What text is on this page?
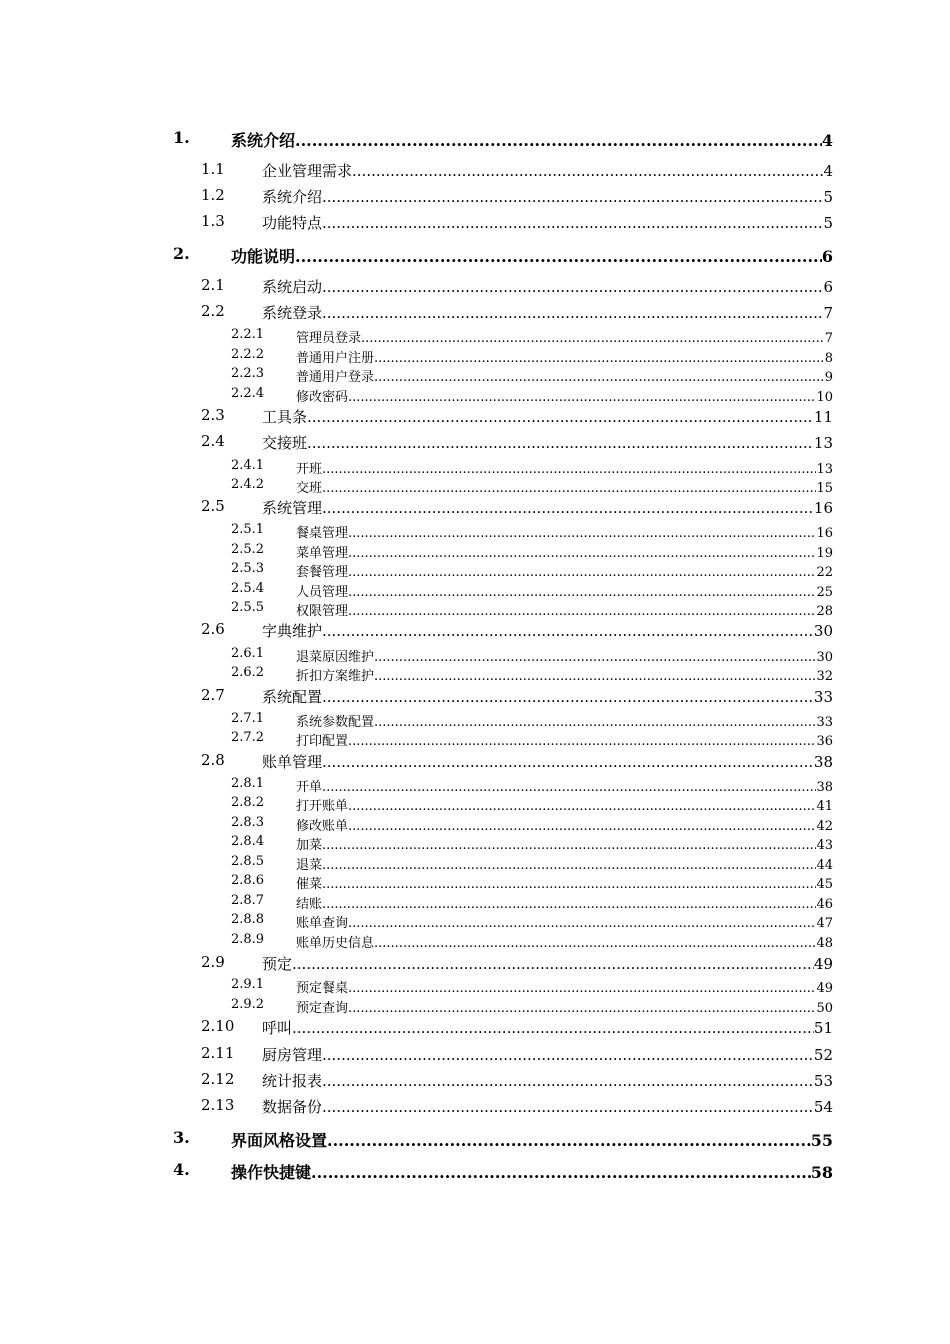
1.	系统介绍 .....	4
1.1 企业管理需求 .....	4
1.2 系统介绍 .....	5
1.3 功能特点 .....	5
2.	功能说明 .....	6
2.1 系统启动 .....	6
2.2 系统登录 .....	7
2.2.1 管理员登录 .....	7
2.2.2 普通用户注册 .....	8
2.2.3 普通用户登录 .....	9
2.2.4 修改密码 .....	10
2.3 工具条 .....	11
2.4 交接班 .....	13
2.4.1 开班 .....	13
2.4.2 交班 .....	15
2.5 系统管理 .....	16
2.5.1 餐桌管理 .....	16
2.5.2 菜单管理 .....	19
2.5.3 套餐管理 .....	22
2.5.4 人员管理 .....	25
2.5.5 权限管理 .....	28
2.6 字典维护 .....	30
2.6.1 退菜原因维护 .....	30
2.6.2 折扣方案维护 .....	32
2.7 系统配置 .....	33
2.7.1 系统参数配置 .....	33
2.7.2 打印配置 .....	36
2.8 账单管理 .....	38
2.8.1 开单 .....	38
2.8.2 打开账单 .....	41
2.8.3 修改账单 .....	42
2.8.4 加菜 .....	43
2.8.5 退菜 .....	44
2.8.6 催菜 .....	45
2.8.7 结账 .....	46
2.8.8 账单查询 .....	47
2.8.9 账单历史信息 .....	48
2.9 预定 .....	49
2.9.1 预定餐桌 .....	49
2.9.2 预定查询 .....	50
2.10 呼叫 .....	51
2.11 厨房管理 .....	52
2.12 统计报表 .....	53
2.13 数据备份 .....	54
3.	界面风格设置 .....	55
4.	操作快捷键 .....	58
